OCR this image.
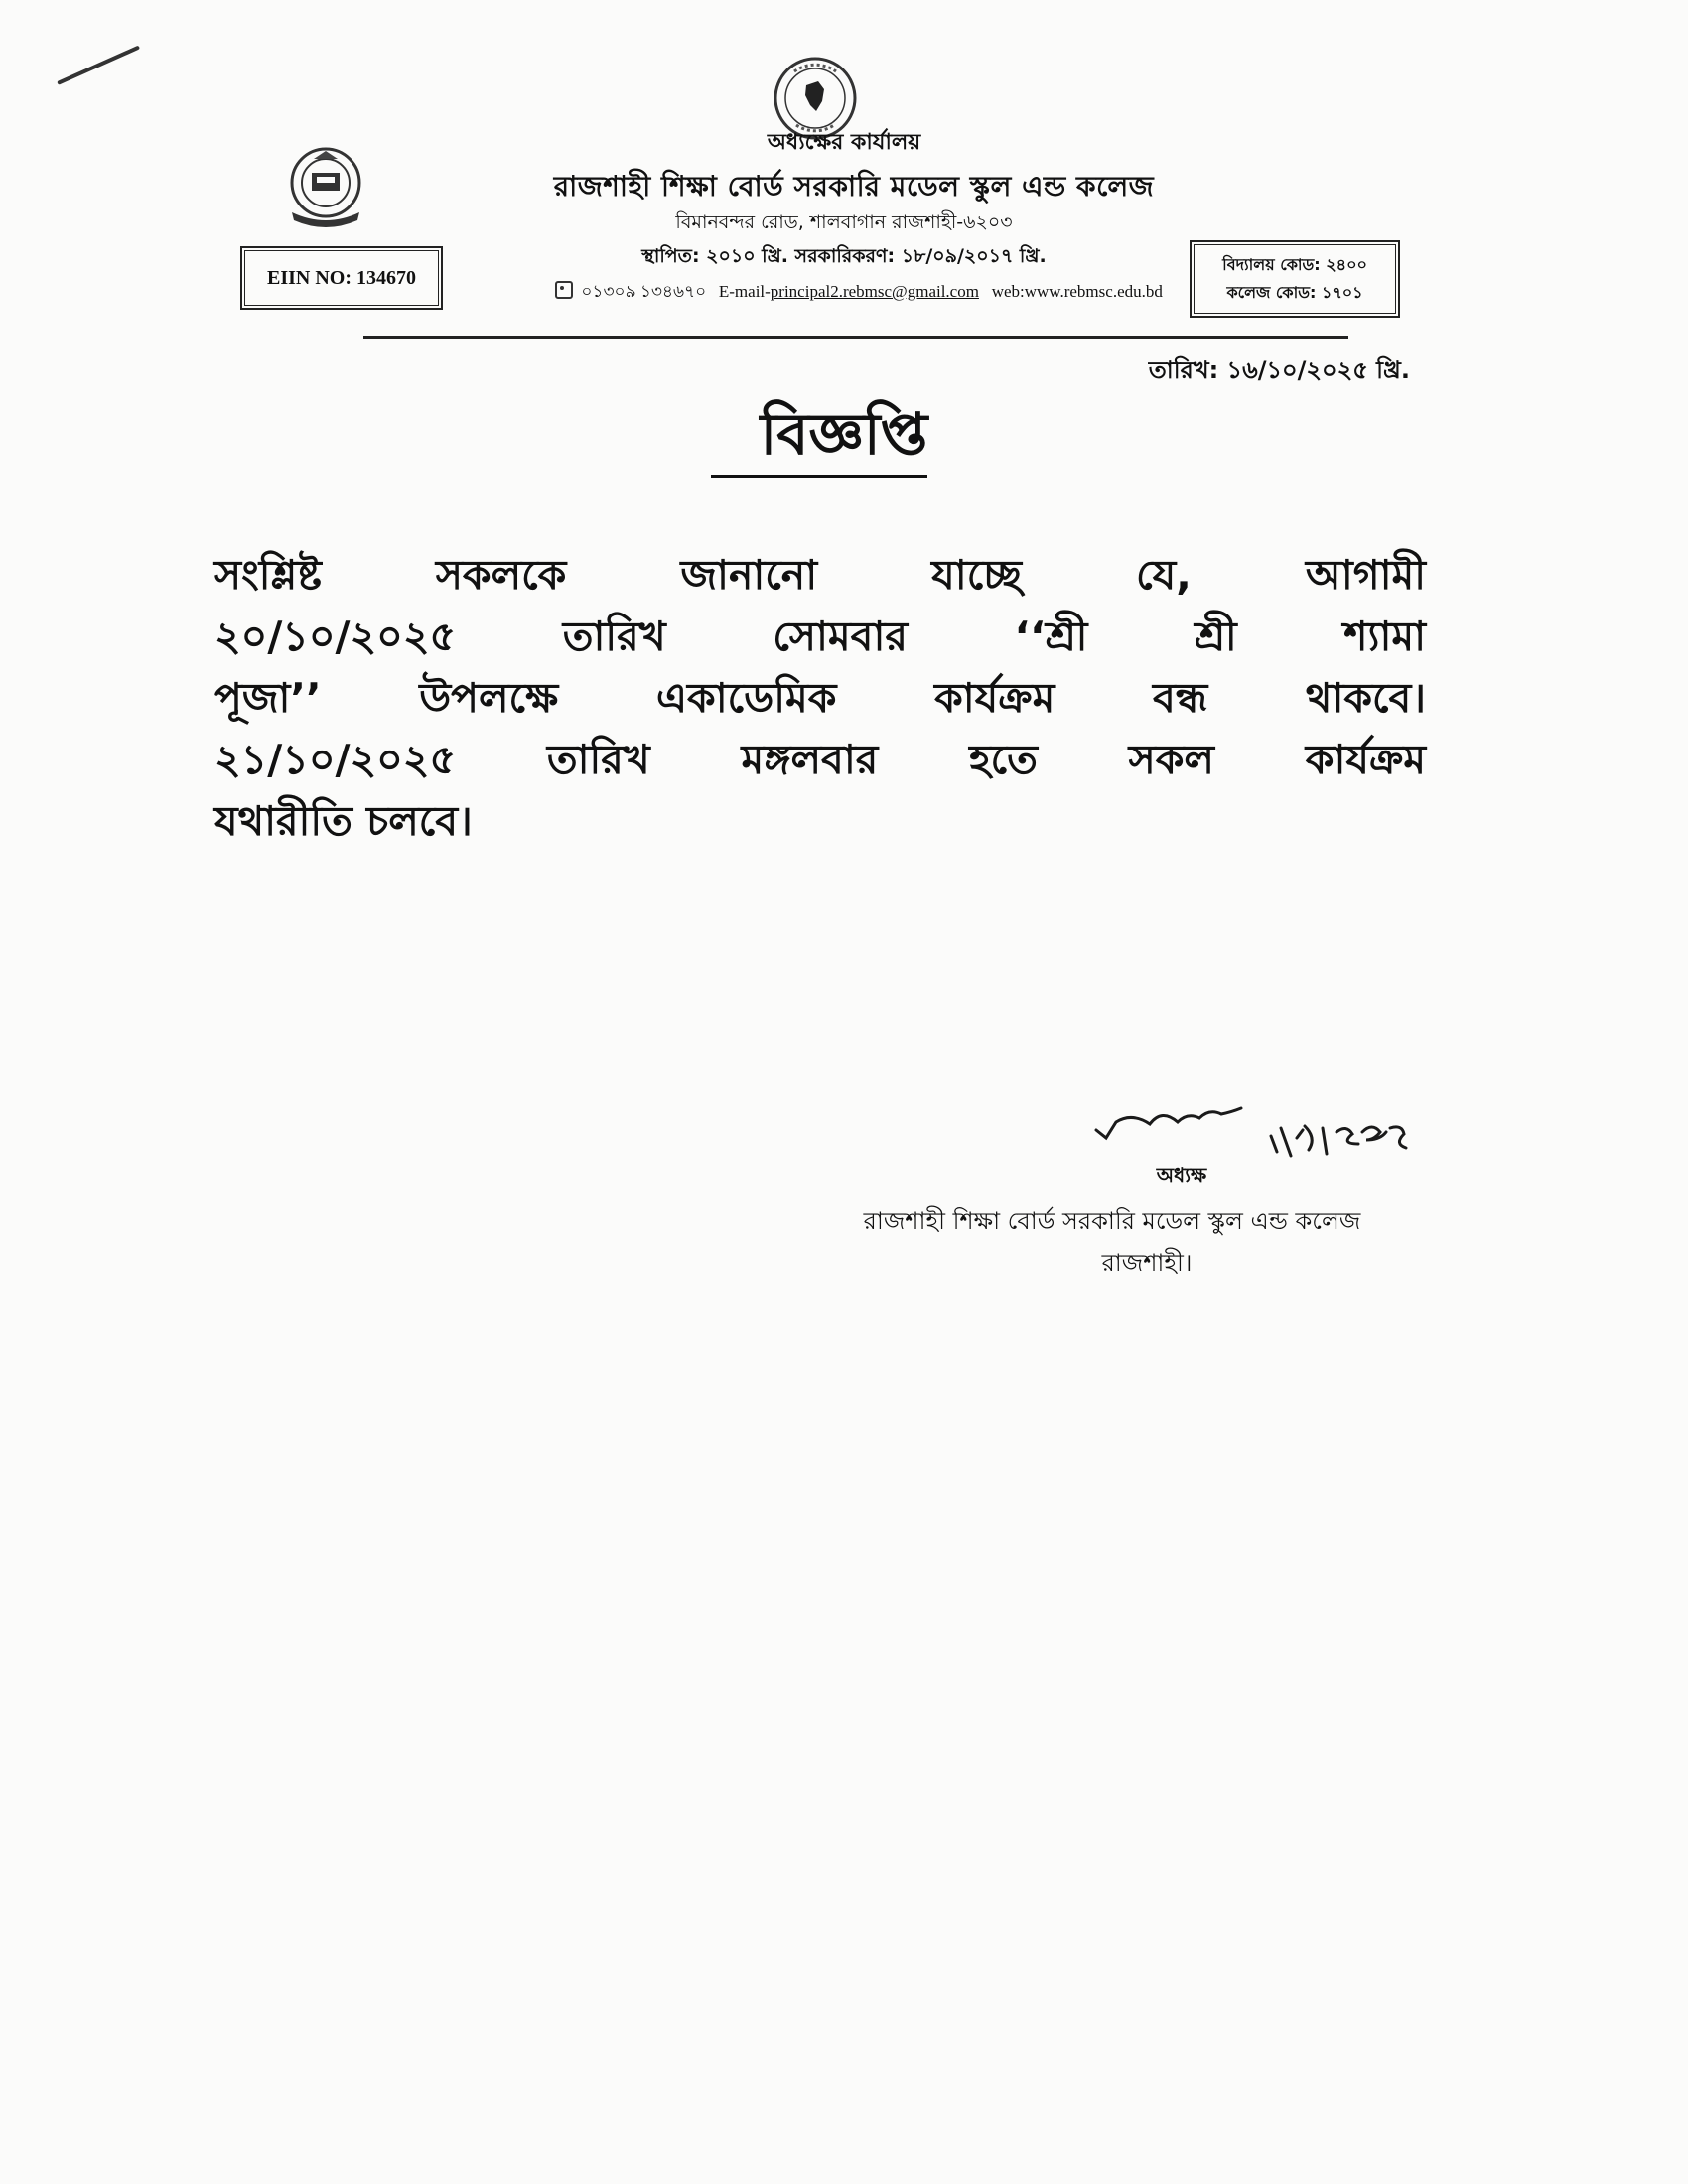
অধ্যক্ষের কার্যালয়
রাজশাহী শিক্ষা বোর্ড সরকারি মডেল স্কুল এন্ড কলেজ
বিমানবন্দর রোড, শালবাগান রাজশাহী-৬২০৩
স্থাপিত: ২০১০ খ্রি. সরকারিকরণ: ১৮/০৯/২০১৭ খ্রি.
০১৩০৯ ১৩৪৬৭০ E-mail-principal2.rebmsc@gmail.com web:www.rebmsc.edu.bd
EIIN NO: 134670
বিদ্যালয় কোড: ২৪০০
কলেজ কোড: ১৭০১
তারিখ: ১৬/১০/২০২৫ খ্রি.
বিজ্ঞপ্তি
সংশ্লিষ্ট সকলকে জানানো যাচ্ছে যে, আগামী
২০/১০/২০২৫ তারিখ সোমবার ‘‘শ্রী শ্রী শ্যামা
পূজা’’ উপলক্ষে একাডেমিক কার্যক্রম বন্ধ থাকবে।
২১/১০/২০২৫ তারিখ মঙ্গলবার হতে সকল কার্যক্রম
যথারীতি চলবে।
অধ্যক্ষ
রাজশাহী শিক্ষা বোর্ড সরকারি মডেল স্কুল এন্ড কলেজ
রাজশাহী।
